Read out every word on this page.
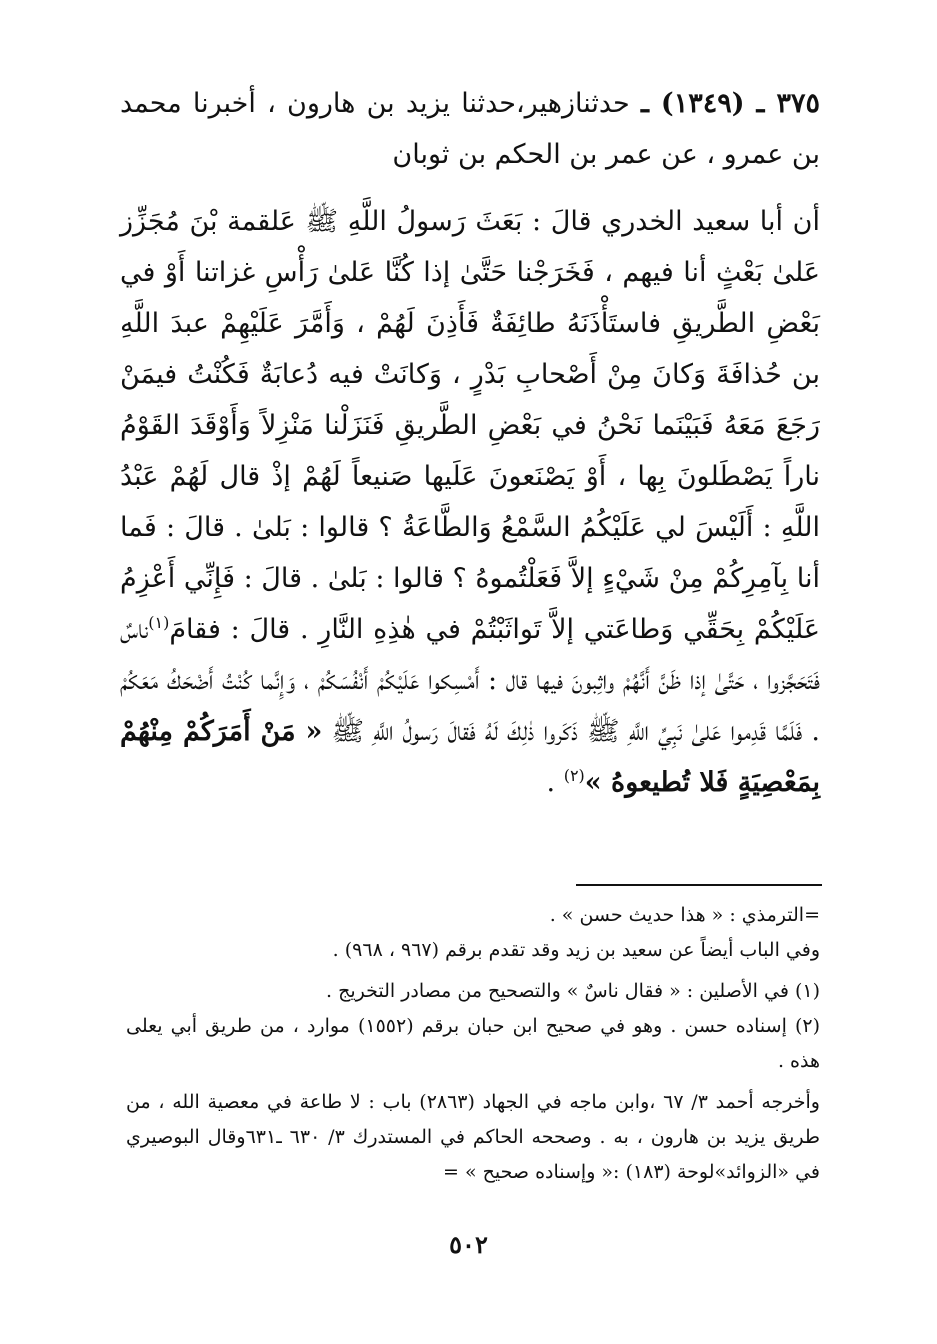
٣٧٥ ـ (١٣٤٩) ـ حدثنازهير،حدثنا يزيد بن هارون ، أخبرنا محمد بن عمرو ، عن عمر بن الحكم بن ثوبان

أن أبا سعيد الخدري قالَ : بَعَثَ رَسولُ اللَّهِ ﷺ عَلقمة بْنَ مُجَزِّز عَلىٰ بَعْثٍ أنا فيهم ، فَخَرَجْنا حَتَّىٰ إذا كُنَّا عَلىٰ رَأْسِ غزاتنا أَوْ في بَعْضِ الطَّريقِ فاستَأْذَنَهُ طائِفَةٌ فَأَذِنَ لَهُمْ ، وَأَمَّرَ عَلَيْهِمْ عبدَ اللَّهِ بن حُذافَةَ وَكانَ مِنْ أَصْحابِ بَدْرٍ ، وَكانَتْ فيه دُعابَةٌ فَكُنْتُ فيمَنْ رَجَعَ مَعَهُ فَبَيْنَما نَحْنُ في بَعْضِ الطَّريقِ فَنَزَلْنا مَنْزِلاً وَأَوْقَدَ القَوْمُ ناراً يَصْطَلونَ بِها ، أَوْ يَصْنَعونَ عَلَيها صَنيعاً لَهُمْ إذْ قال لَهُمْ عَبْدُ اللَّهِ : أَلَيْسَ لي عَلَيْكُمُ السَّمْعُ وَالطَّاعَةُ ؟ قالوا : بَلىٰ . قالَ : فَما أنا بِآمِرِكُمْ مِنْ شَيْءٍ إلاَّ فَعَلْتُموهُ ؟ قالوا : بَلىٰ . قالَ : فَإِنِّي أَعْزِمُ عَلَيْكُمْ بِحَقِّي وَطاعَتي إلاَّ تَواثَبْتُمْ في هٰذِهِ النَّارِ . قالَ : فقامَ$^{(١)}$ناسٌ فَتَحَجَّزوا ، حَتَّىٰ إذا ظَنَّ أَنَّهُمْ واثِبونَ فيها قال : أَمْسِكوا عَلَيْكُمْ أَنْفُسَكُمْ ، وَإِنَّما كُنْتُ أَضْحَكُ مَعَكُمْ . فَلَمَّا قَدِموا عَلىٰ نَبِيِّ اللَّهِ ﷺ ذَكَروا ذٰلِكَ لَهُ فَقالَ رَسولُ اللَّهِ ﷺ « مَنْ أَمَرَكُمْ مِنْهُمْ بِمَعْصِيَةٍ فَلا تُطيعوهُ »$^{(٢)}$ .

=الترمذي : « هذا حديث حسن » .

وفي الباب أيضاً عن سعيد بن زيد وقد تقدم برقم (٩٦٧ ، ٩٦٨) .

(١) في الأصلين : « فقال ناسٌ » والتصحيح من مصادر التخريج .

(٢) إسناده حسن . وهو في صحيح ابن حبان برقم (١٥٥٢) موارد ، من طريق أبي يعلى هذه .

وأخرجه أحمد ٣/ ٦٧ ،وابن ماجه في الجهاد (٢٨٦٣) باب : لا طاعة في معصية الله ، من طريق يزيد بن هارون ، به . وصححه الحاكم في المستدرك ٣/ ٦٣٠ ـ٦٣١وقال البوصيري في «الزوائد»لوحة (١٨٣) :« وإسناده صحيح » =

٥٠٢
